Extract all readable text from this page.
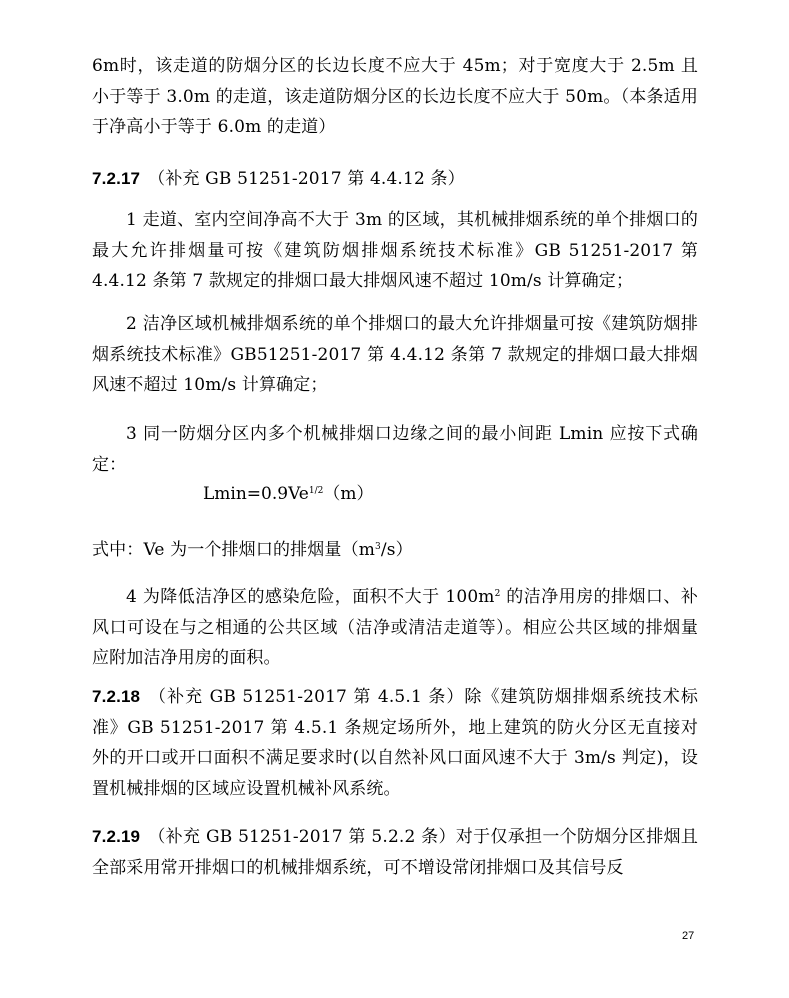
6m时，该走道的防烟分区的长边长度不应大于 45m；对于宽度大于 2.5m 且小于等于 3.0m 的走道，该走道防烟分区的长边长度不应大于 50m。（本条适用于净高小于等于 6.0m 的走道）

7.2.17 （补充 GB 51251-2017 第 4.4.12 条）

1 走道、室内空间净高不大于 3m 的区域，其机械排烟系统的单个排烟口的最大允许排烟量可按《建筑防烟排烟系统技术标准》GB 51251-2017 第 4.4.12 条第 7 款规定的排烟口最大排烟风速不超过 10m/s 计算确定；

2 洁净区域机械排烟系统的单个排烟口的最大允许排烟量可按《建筑防烟排烟系统技术标准》GB51251-2017 第 4.4.12 条第 7 款规定的排烟口最大排烟风速不超过 10m/s 计算确定；

3 同一防烟分区内多个机械排烟口边缘之间的最小间距 Lmin 应按下式确定：

$Lmin=0.9Ve^{1/2}(m)$

式中：Ve 为一个排烟口的排烟量$(m^3/s)$

4 为降低洁净区的感染危险，面积不大于 $100m^2$ 的洁净用房的排烟口、补风口可设在与之相通的公共区域（洁净或清洁走道等）。相应公共区域的排烟量应附加洁净用房的面积。

7.2.18 （补充 GB 51251-2017 第 4.5.1 条）除《建筑防烟排烟系统技术标准》GB 51251-2017 第 4.5.1 条规定场所外，地上建筑的防火分区无直接对外的开口或开口面积不满足要求时(以自然补风口面风速不大于 3m/s 判定)，设置机械排烟的区域应设置机械补风系统。

7.2.19 （补充 GB 51251-2017 第 5.2.2 条）对于仅承担一个防烟分区排烟且全部采用常开排烟口的机械排烟系统，可不增设常闭排烟口及其信号反

27
